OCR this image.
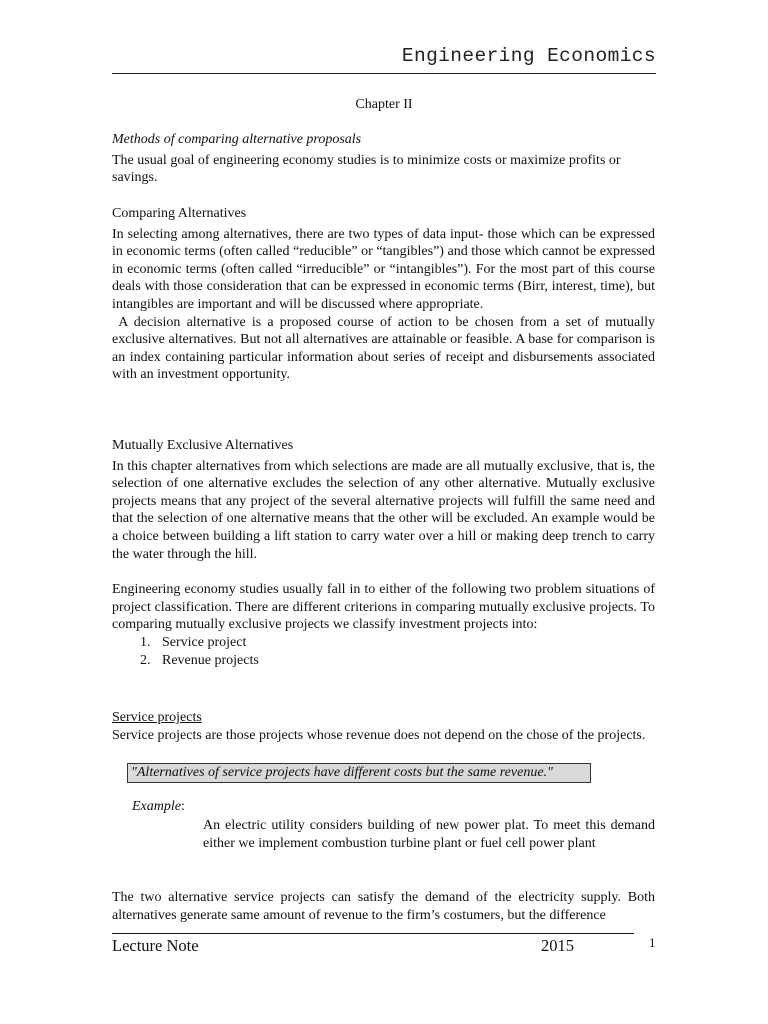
Engineering Economics
Chapter II

Methods of comparing alternative proposals

The usual goal of engineering economy studies is to minimize costs or maximize profits or savings.

Comparing Alternatives

In selecting among alternatives, there are two types of data input- those which can be expressed in economic terms (often called “reducible” or “tangibles”) and those which cannot be expressed in economic terms (often called “irreducible” or “intangibles”). For the most part of this course deals with those consideration that can be expressed in economic terms (Birr, interest, time), but intangibles are important and will be discussed where appropriate.

A decision alternative is a proposed course of action to be chosen from a set of mutually exclusive alternatives. But not all alternatives are attainable or feasible. A base for comparison is an index containing particular information about series of receipt and disbursements associated with an investment opportunity.

Mutually Exclusive Alternatives

In this chapter alternatives from which selections are made are all mutually exclusive, that is, the selection of one alternative excludes the selection of any other alternative. Mutually exclusive projects means that any project of the several alternative projects will fulfill the same need and that the selection of one alternative means that the other will be excluded. An example would be a choice between building a lift station to carry water over a hill or making deep trench to carry the water through the hill.

Engineering economy studies usually fall in to either of the following two problem situations of project classification. There are different criterions in comparing mutually exclusive projects. To comparing mutually exclusive projects we classify investment projects into:

1. Service project
2. Revenue projects

Service projects

Service projects are those projects whose revenue does not depend on the chose of the projects.

"Alternatives of service projects have different costs but the same revenue."
Example:
An electric utility considers building of new power plat. To meet this demand either we implement combustion turbine plant or fuel cell power plant
The two alternative service projects can satisfy the demand of the electricity supply. Both alternatives generate same amount of revenue to the firm’s costumers, but the difference
Lecture Note	2015	1
